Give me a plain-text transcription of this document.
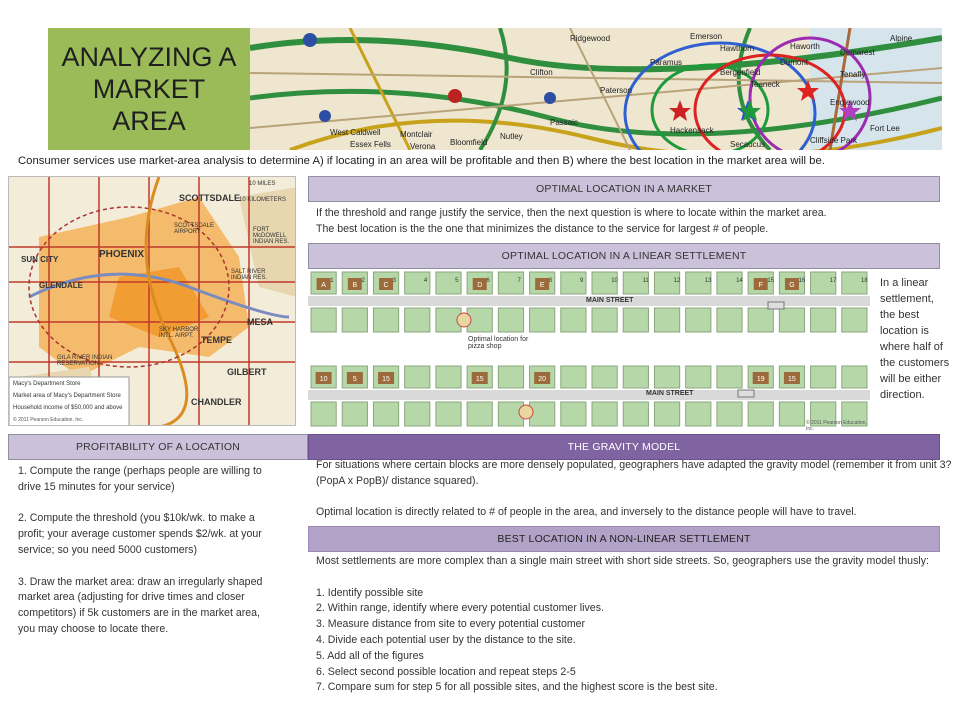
ANALYZING A
MARKET
AREA
Ridgewood	Emerson	Alpine
Hawthorn	Haworth
Demarest
Clifton
Paramus	Dumont
Teaneck
Bergenfield	Tenafly
Englewood
Hackensack
Passaic
Montclair	Nutley
Bloomfield
West Caldwell
Essex Fells Verona
Paterson
Fort Lee
Cliffside Park
Secaucus
Consumer services use market-area analysis to determine A) if locating in an area will be profitable and then B) where the best location in the market area will be.
SCOTTSDALE
PHOENIX
SUN CITY
GLENDALE
TEMPE
MESA
GILBERT
CHANDLER
FORT McDOWELL INDIAN RES.
SALT RIVER INDIAN RES.
GILA RIVER INDIAN RESERVATION
SKY HARBOR INTL. AIRPT.
SCOTTSDALE AIRPORT
10 MILES
10 KILOMETERS
Macy's Department Store
Market area of Macy's Department Store
Household income of $50,000 and above
© 2011 Pearson Education, Inc.
OPTIMAL LOCATION IN A MARKET
If the threshold and range justify the service, then the next question is where to locate within the market area.
The best location is the the one that minimizes the distance to the service for largest # of people.
OPTIMAL LOCATION IN A LINEAR SETTLEMENT
1	2	3	4	5	6	7	8	9	10	11	12	13	14	15	16	17	18
A	B	C	D	E	F	G
10	5	15	15	20	19	15
MAIN STREET
MAIN STREET
Optimal location for pizza shop
© 2011 Pearson Education, Inc.
In a linear settlement, the best location is where half of the customers will be either direction.
PROFITABILITY OF A LOCATION
1. Compute the range (perhaps people are willing to drive 15 minutes for your service)

2. Compute the threshold (you $10k/wk. to make a profit; your average customer spends $2/wk. at your service; so you need 5000 customers)

3. Draw the market area: draw an irregularly shaped market area (adjusting for drive times and closer competitors) if 5k customers are in the market area, you may choose to locate there.
THE GRAVITY MODEL
For situations where certain blocks are more densely populated, geographers have adapted the gravity model (remember it from unit 3? (PopA x PopB)/ distance squared).

Optimal location is directly related to # of people in the area, and inversely to the distance people will have to travel.
BEST LOCATION IN A NON-LINEAR SETTLEMENT
Most settlements are more complex than a single main street with short side streets. So, geographers use the gravity model thusly:

1. Identify possible site
2. Within range, identify where every potential customer lives.
3. Measure distance from site to every potential customer
4. Divide each potential user by the distance to the site.
5. Add all of the figures
6. Select second possible location and repeat steps 2-5
7. Compare sum for step 5 for all possible sites, and the highest score is the best site.
